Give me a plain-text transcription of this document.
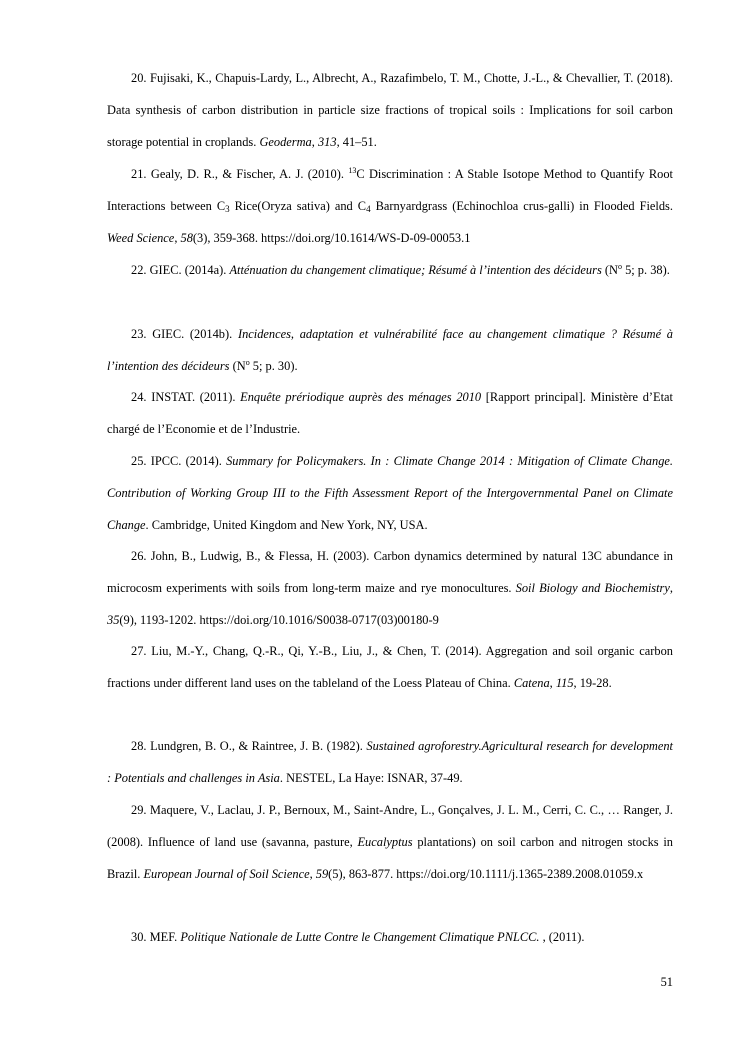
20. Fujisaki, K., Chapuis-Lardy, L., Albrecht, A., Razafimbelo, T. M., Chotte, J.-L., & Chevallier, T. (2018). Data synthesis of carbon distribution in particle size fractions of tropical soils : Implications for soil carbon storage potential in croplands. Geoderma, 313, 41–51.

21. Gealy, D. R., & Fischer, A. J. (2010). $^{13}$C Discrimination : A Stable Isotope Method to Quantify Root Interactions between $C_3$ Rice(Oryza sativa) and $C_4$ Barnyardgrass (Echinochloa crus-galli) in Flooded Fields. Weed Science, 58(3), 359-368. https://doi.org/10.1614/WS-D-09-00053.1

22. GIEC. (2014a). Atténuation du changement climatique; Résumé à l’intention des décideurs ($N^o$ 5; p. 38).

23. GIEC. (2014b). Incidences, adaptation et vulnérabilité face au changement climatique ? Résumé à l’intention des décideurs ($N^o$ 5; p. 30).

24. INSTAT. (2011). Enquête prériodique auprès des ménages 2010 [Rapport principal]. Ministère d’Etat chargé de l’Economie et de l’Industrie.

25. IPCC. (2014). Summary for Policymakers. In : Climate Change 2014 : Mitigation of Climate Change. Contribution of Working Group III to the Fifth Assessment Report of the Intergovernmental Panel on Climate Change. Cambridge, United Kingdom and New York, NY, USA.

26. John, B., Ludwig, B., & Flessa, H. (2003). Carbon dynamics determined by natural 13C abundance in microcosm experiments with soils from long-term maize and rye monocultures. Soil Biology and Biochemistry, 35(9), 1193-1202. https://doi.org/10.1016/S0038-0717(03)00180-9

27. Liu, M.-Y., Chang, Q.-R., Qi, Y.-B., Liu, J., & Chen, T. (2014). Aggregation and soil organic carbon fractions under different land uses on the tableland of the Loess Plateau of China. Catena, 115, 19-28.

28. Lundgren, B. O., & Raintree, J. B. (1982). Sustained agroforestry.Agricultural research for development : Potentials and challenges in Asia. NESTEL, La Haye: ISNAR, 37-49.

29. Maquere, V., Laclau, J. P., Bernoux, M., Saint-Andre, L., Gonçalves, J. L. M., Cerri, C. C., … Ranger, J. (2008). Influence of land use (savanna, pasture, Eucalyptus plantations) on soil carbon and nitrogen stocks in Brazil. European Journal of Soil Science, 59(5), 863-877. https://doi.org/10.1111/j.1365-2389.2008.01059.x

30. MEF. Politique Nationale de Lutte Contre le Changement Climatique PNLCC. , (2011).

51
